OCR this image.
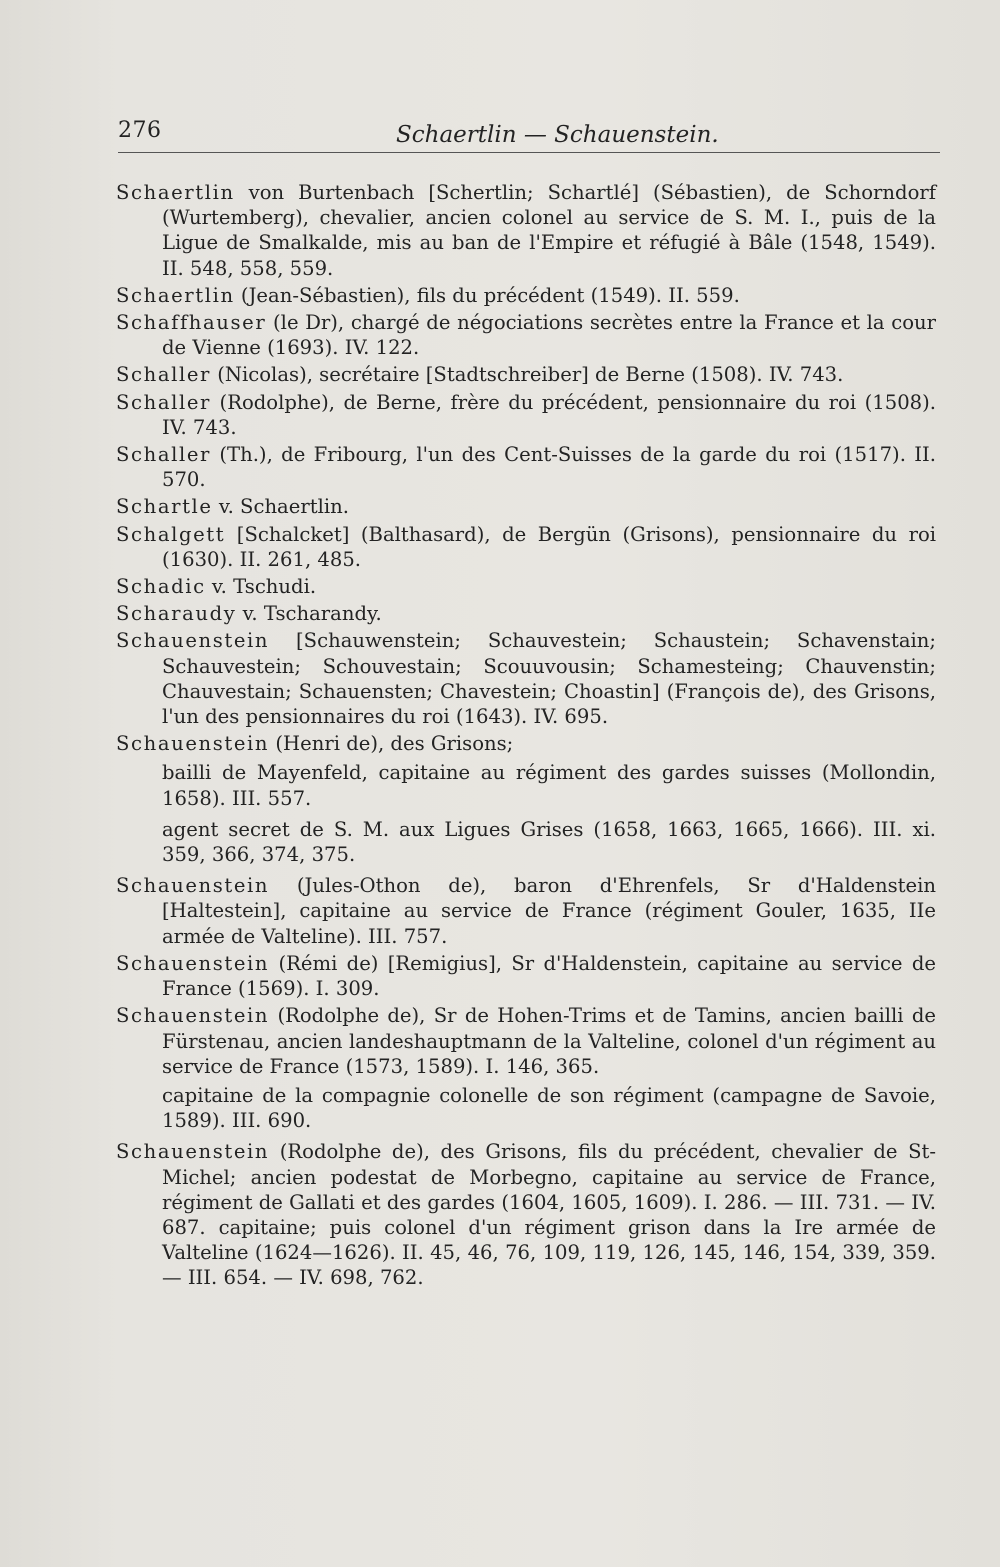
276	Schaertlin — Schauenstein.

Schaertlin von Burtenbach [Schertlin; Schartlé] (Sébastien), de Schorndorf (Wurtemberg), chevalier, ancien colonel au service de S. M. I., puis de la Ligue de Smalkalde, mis au ban de l'Empire et réfugié à Bâle (1548, 1549). II. 548, 558, 559.

Schaertlin (Jean-Sébastien), fils du précédent (1549). II. 559.

Schaffhauser (le Dr), chargé de négociations secrètes entre la France et la cour de Vienne (1693). IV. 122.

Schaller (Nicolas), secrétaire [Stadtschreiber] de Berne (1508). IV. 743.

Schaller (Rodolphe), de Berne, frère du précédent, pensionnaire du roi (1508). IV. 743.

Schaller (Th.), de Fribourg, l'un des Cent-Suisses de la garde du roi (1517). II. 570.

Schartle v. Schaertlin.

Schalgett [Schalcket] (Balthasard), de Bergün (Grisons), pensionnaire du roi (1630). II. 261, 485.

Schadic v. Tschudi.

Scharaudy v. Tscharandy.

Schauenstein [Schauwenstein; Schauvestein; Schaustein; Schavenstain; Schauvestein; Schouvestain; Scouuvousin; Schamesteing; Chauvenstin; Chauvestain; Schauensten; Chavestein; Choastin] (François de), des Grisons, l'un des pensionnaires du roi (1643). IV. 695.

Schauenstein (Henri de), des Grisons;

bailli de Mayenfeld, capitaine au régiment des gardes suisses (Mollondin, 1658). III. 557.
agent secret de S. M. aux Ligues Grises (1658, 1663, 1665, 1666). III. xi. 359, 366, 374, 375.

Schauenstein (Jules-Othon de), baron d'Ehrenfels, Sr d'Haldenstein [Haltestein], capitaine au service de France (régiment Gouler, 1635, IIe armée de Valteline). III. 757.

Schauenstein (Rémi de) [Remigius], Sr d'Haldenstein, capitaine au service de France (1569). I. 309.

Schauenstein (Rodolphe de), Sr de Hohen-Trims et de Tamins, ancien bailli de Fürstenau, ancien landeshauptmann de la Valteline, colonel d'un régiment au service de France (1573, 1589). I. 146, 365.

capitaine de la compagnie colonelle de son régiment (campagne de Savoie, 1589). III. 690.

Schauenstein (Rodolphe de), des Grisons, fils du précédent, chevalier de St-Michel; ancien podestat de Morbegno, capitaine au service de France, régiment de Gallati et des gardes (1604, 1605, 1609). I. 286. — III. 731. — IV. 687. capitaine; puis colonel d'un régiment grison dans la Ire armée de Valteline (1624—1626). II. 45, 46, 76, 109, 119, 126, 145, 146, 154, 339, 359. — III. 654. — IV. 698, 762.
